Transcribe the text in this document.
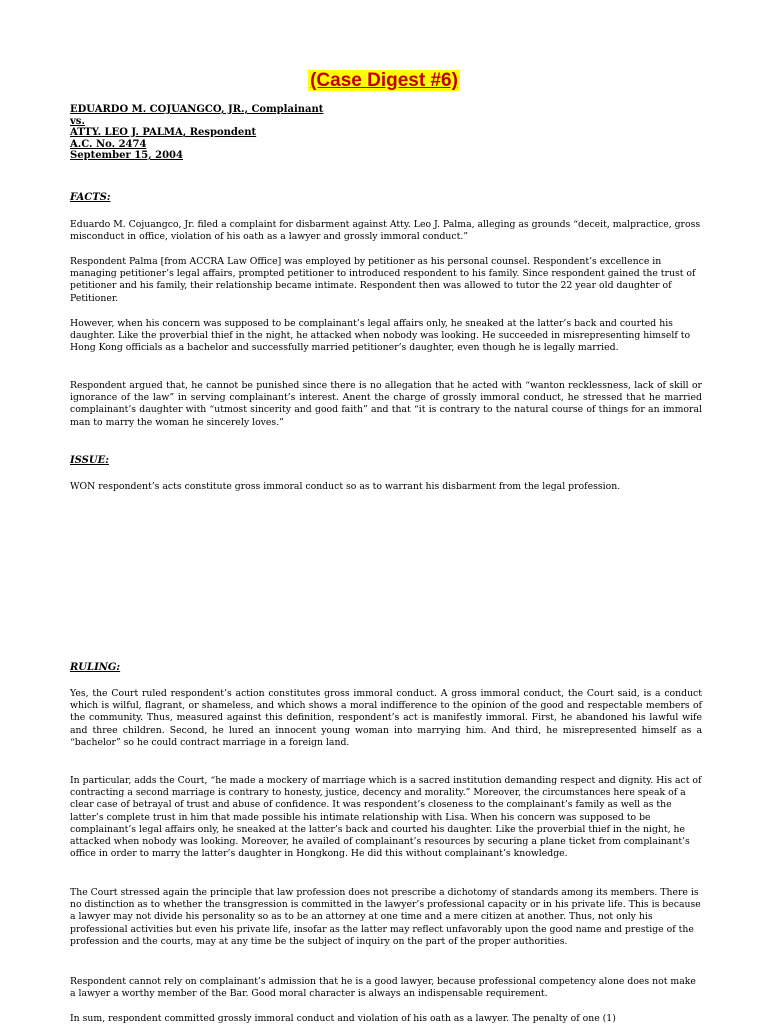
(Case Digest #6)
EDUARDO M. COJUANGCO, JR., Complainant
vs.
ATTY. LEO J. PALMA, Respondent
A.C. No. 2474
September 15, 2004
FACTS:
Eduardo M. Cojuangco, Jr. filed a complaint for disbarment against Atty. Leo J. Palma, alleging as grounds “deceit, malpractice, gross misconduct in office, violation of his oath as a lawyer and grossly immoral conduct.”
Respondent Palma [from ACCRA Law Office] was employed by petitioner as his personal counsel. Respondent’s excellence in managing petitioner’s legal affairs, prompted petitioner to introduced respondent to his family. Since respondent gained the trust of petitioner and his family, their relationship became intimate. Respondent then was allowed to tutor the 22 year old daughter of Petitioner.
However, when his concern was supposed to be complainant’s legal affairs only, he sneaked at the latter’s back and courted his daughter. Like the proverbial thief in the night, he attacked when nobody was looking. He succeeded in misrepresenting himself to Hong Kong officials as a bachelor and successfully married petitioner’s daughter, even though he is legally married.
Respondent argued that, he cannot be punished since there is no allegation that he acted with “wanton recklessness, lack of skill or ignorance of the law” in serving complainant’s interest. Anent the charge of grossly immoral conduct, he stressed that he married complainant’s daughter with “utmost sincerity and good faith” and that “it is contrary to the natural course of things for an immoral man to marry the woman he sincerely loves.”
ISSUE:
WON respondent’s acts constitute gross immoral conduct so as to warrant his disbarment from the legal profession.
RULING:
Yes, the Court ruled respondent’s action constitutes gross immoral conduct. A gross immoral conduct, the Court said, is a conduct which is wilful, flagrant, or shameless, and which shows a moral indifference to the opinion of the good and respectable members of the community. Thus, measured against this definition, respondent’s act is manifestly immoral. First, he abandoned his lawful wife and three children. Second, he lured an innocent young woman into marrying him. And third, he misrepresented himself as a “bachelor” so he could contract marriage in a foreign land.
In particular, adds the Court, “he made a mockery of marriage which is a sacred institution demanding respect and dignity. His act of contracting a second marriage is contrary to honesty, justice, decency and morality.” Moreover, the circumstances here speak of a clear case of betrayal of trust and abuse of confidence. It was respondent’s closeness to the complainant’s family as well as the latter’s complete trust in him that made possible his intimate relationship with Lisa. When his concern was supposed to be complainant’s legal affairs only, he sneaked at the latter’s back and courted his daughter. Like the proverbial thief in the night, he attacked when nobody was looking. Moreover, he availed of complainant’s resources by securing a plane ticket from complainant’s office in order to marry the latter’s daughter in Hongkong. He did this without complainant’s knowledge.
The Court stressed again the principle that law profession does not prescribe a dichotomy of standards among its members. There is no distinction as to whether the transgression is committed in the lawyer’s professional capacity or in his private life. This is because a lawyer may not divide his personality so as to be an attorney at one time and a mere citizen at another. Thus, not only his professional activities but even his private life, insofar as the latter may reflect unfavorably upon the good name and prestige of the profession and the courts, may at any time be the subject of inquiry on the part of the proper authorities.
Respondent cannot rely on complainant’s admission that he is a good lawyer, because professional competency alone does not make a lawyer a worthy member of the Bar. Good moral character is always an indispensable requirement.
In sum, respondent committed grossly immoral conduct and violation of his oath as a lawyer. The penalty of one (1)
